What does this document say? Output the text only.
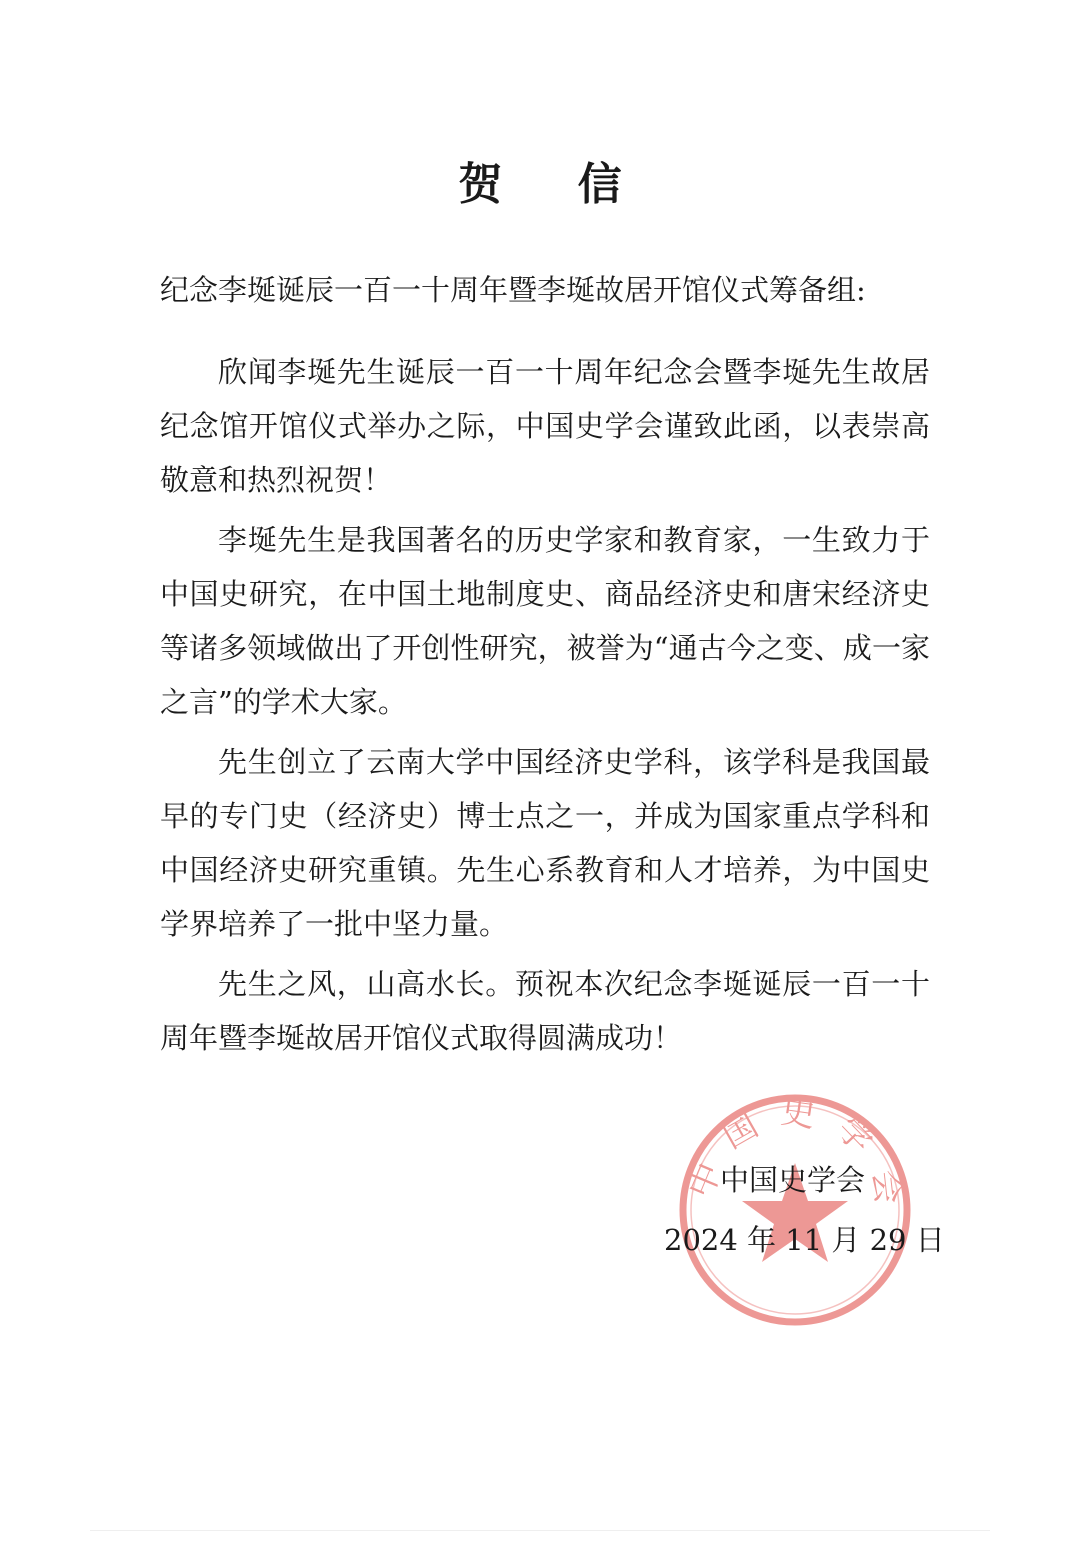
贺 信
纪念李埏诞辰一百一十周年暨李埏故居开馆仪式筹备组:

欣闻李埏先生诞辰一百一十周年纪念会暨李埏先生故居纪念馆开馆仪式举办之际，中国史学会谨致此函，以表崇高敬意和热烈祝贺！

李埏先生是我国著名的历史学家和教育家，一生致力于中国史研究，在中国土地制度史、商品经济史和唐宋经济史等诸多领域做出了开创性研究，被誉为“通古今之变、成一家之言”的学术大家。

先生创立了云南大学中国经济史学科，该学科是我国最早的专门史（经济史）博士点之一，并成为国家重点学科和中国经济史研究重镇。先生心系教育和人才培养，为中国史学界培养了一批中坚力量。

先生之风，山高水长。预祝本次纪念李埏诞辰一百一十周年暨李埏故居开馆仪式取得圆满成功！

中国史学会
中国史学会
2024 年 11 月 29 日
